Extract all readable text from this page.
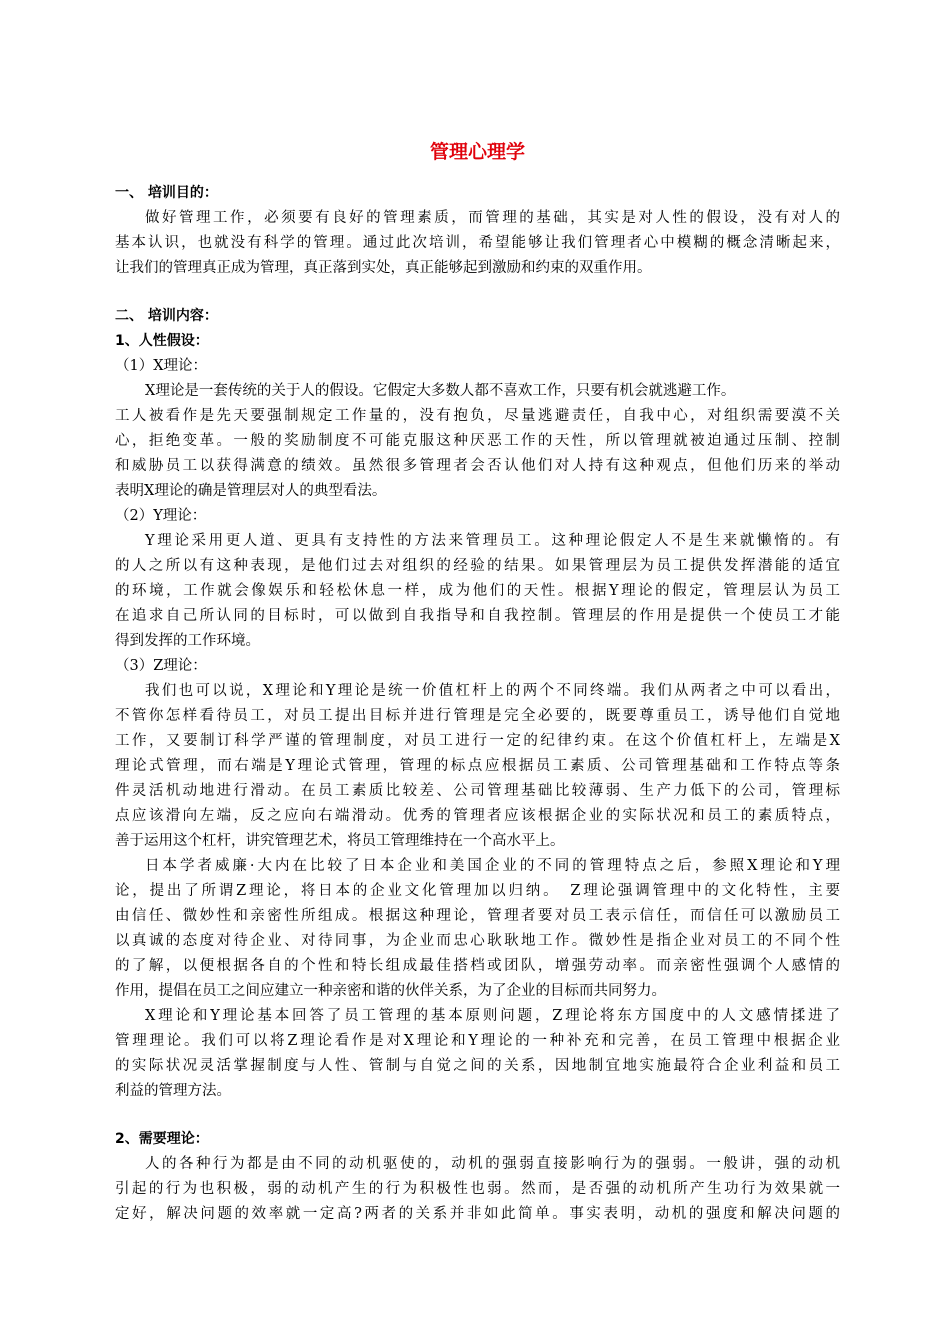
管理心理学
一、 培训目的：
做好管理工作，必须要有良好的管理素质，而管理的基础，其实是对人性的假设，没有对人的
基本认识，也就没有科学的管理。通过此次培训，希望能够让我们管理者心中模糊的概念清晰起来，
让我们的管理真正成为管理，真正落到实处，真正能够起到激励和约束的双重作用。
二、 培训内容：
1、人性假设：
（1）X理论：
X理论是一套传统的关于人的假设。它假定大多数人都不喜欢工作，只要有机会就逃避工作。
工人被看作是先天要强制规定工作量的，没有抱负，尽量逃避责任，自我中心，对组织需要漠不关
心，拒绝变革。一般的奖励制度不可能克服这种厌恶工作的天性，所以管理就被迫通过压制、控制
和威胁员工以获得满意的绩效。虽然很多管理者会否认他们对人持有这种观点，但他们历来的举动
表明X理论的确是管理层对人的典型看法。
（2）Y理论：
Y理论采用更人道、更具有支持性的方法来管理员工。这种理论假定人不是生来就懒惰的。有
的人之所以有这种表现，是他们过去对组织的经验的结果。如果管理层为员工提供发挥潜能的适宜
的环境，工作就会像娱乐和轻松休息一样，成为他们的天性。根据Y理论的假定，管理层认为员工
在追求自己所认同的目标时，可以做到自我指导和自我控制。管理层的作用是提供一个使员工才能
得到发挥的工作环境。
（3）Z理论：
我们也可以说，X理论和Y理论是统一价值杠杆上的两个不同终端。我们从两者之中可以看出，
不管你怎样看待员工，对员工提出目标并进行管理是完全必要的，既要尊重员工，诱导他们自觉地
工作，又要制订科学严谨的管理制度，对员工进行一定的纪律约束。在这个价值杠杆上，左端是X
理论式管理，而右端是Y理论式管理，管理的标点应根据员工素质、公司管理基础和工作特点等条
件灵活机动地进行滑动。在员工素质比较差、公司管理基础比较薄弱、生产力低下的公司，管理标
点应该滑向左端，反之应向右端滑动。优秀的管理者应该根据企业的实际状况和员工的素质特点，
善于运用这个杠杆，讲究管理艺术，将员工管理维持在一个高水平上。
日本学者威廉·大内在比较了日本企业和美国企业的不同的管理特点之后，参照X理论和Y理
论，提出了所谓Z理论，将日本的企业文化管理加以归纳。　Z理论强调管理中的文化特性，主要
由信任、微妙性和亲密性所组成。根据这种理论，管理者要对员工表示信任，而信任可以激励员工
以真诚的态度对待企业、对待同事，为企业而忠心耿耿地工作。微妙性是指企业对员工的不同个性
的了解，以便根据各自的个性和特长组成最佳搭档或团队，增强劳动率。而亲密性强调个人感情的
作用，提倡在员工之间应建立一种亲密和谐的伙伴关系，为了企业的目标而共同努力。
X理论和Y理论基本回答了员工管理的基本原则问题，Z理论将东方国度中的人文感情揉进了
管理理论。我们可以将Z理论看作是对X理论和Y理论的一种补充和完善，在员工管理中根据企业
的实际状况灵活掌握制度与人性、管制与自觉之间的关系，因地制宜地实施最符合企业利益和员工
利益的管理方法。
2、需要理论：
人的各种行为都是由不同的动机驱使的，动机的强弱直接影响行为的强弱。一般讲，强的动机
引起的行为也积极，弱的动机产生的行为积极性也弱。然而，是否强的动机所产生功行为效果就一
定好，解决问题的效率就一定高?两者的关系并非如此简单。事实表明，动机的强度和解决问题的
